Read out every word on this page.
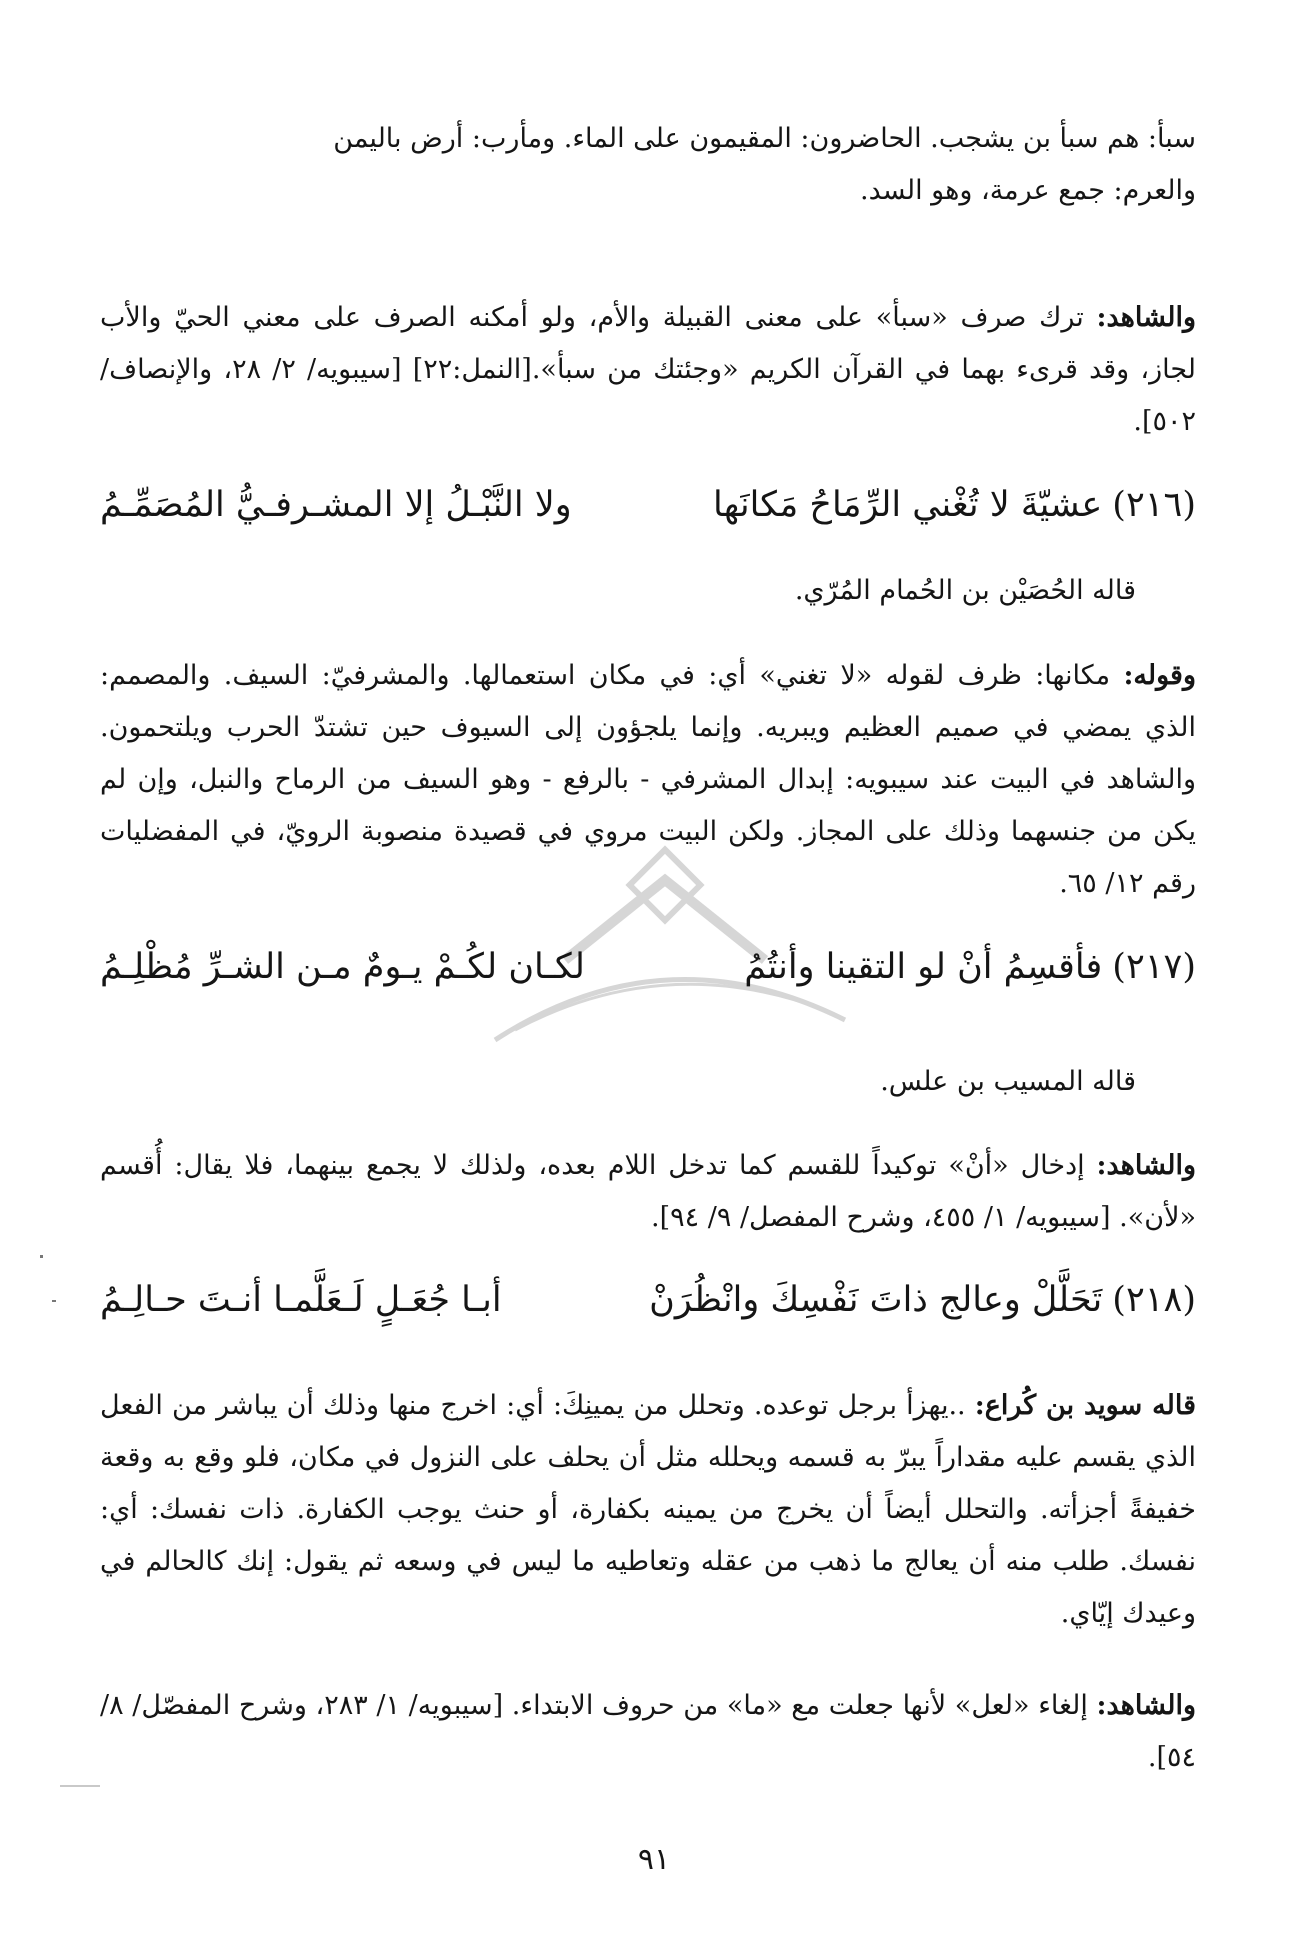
سبأ: هم سبأ بن يشجب. الحاضرون: المقيمون على الماء. ومأرب: أرض باليمن

والعرم: جمع عرمة، وهو السد.

والشاهد: ترك صرف «سبأ» على معنى القبيلة والأم، ولو أمكنه الصرف على معني الحيّ والأب لجاز، وقد قرىء بهما في القرآن الكريم «وجئتك من سبأ».[النمل:٢٢] [سيبويه/ ٢/ ٢٨، والإنصاف/ ٥٠٢].

(٢١٦)
عشيّةَ لا تُغْني الرِّمَاحُ مَكانَها
ولا النَّبْـلُ إلا المشـرفـيُّ المُصَمِّـمُ
قاله الحُصَيْن بن الحُمام المُرّي.

وقوله: مكانها: ظرف لقوله «لا تغني» أي: في مكان استعمالها. والمشرفيّ: السيف. والمصمم: الذي يمضي في صميم العظيم ويبريه. وإنما يلجؤون إلى السيوف حين تشتدّ الحرب ويلتحمون. والشاهد في البيت عند سيبويه: إبدال المشرفي - بالرفع - وهو السيف من الرماح والنبل، وإن لم يكن من جنسهما وذلك على المجاز. ولكن البيت مروي في قصيدة منصوبة الرويّ، في المفضليات رقم ١٢/ ٦٥.

(٢١٧)
فأقسِمُ أنْ لو التقينا وأنتُمُ
لكـان لكُـمْ يـومٌ مـن الشـرِّ مُظْلِـمُ
قاله المسيب بن علس.

والشاهد: إدخال «أنْ» توكيداً للقسم كما تدخل اللام بعده، ولذلك لا يجمع بينهما، فلا يقال: أُقسم «لأن». [سيبويه/ ١/ ٤٥٥، وشرح المفصل/ ٩/ ٩٤].

(٢١٨)
تَحَلَّلْ وعالج ذاتَ نَفْسِكَ وانْظُرَنْ
أبـا جُعَـلٍ لَـعَلَّمـا أنـتَ حـالِـمُ

قاله سويد بن كُراع: ..يهزأ برجل توعده. وتحلل من يمينِكَ: أي: اخرج منها وذلك أن يباشر من الفعل الذي يقسم عليه مقداراً يبرّ به قسمه ويحلله مثل أن يحلف على النزول في مكان، فلو وقع به وقعة خفيفةً أجزأته. والتحلل أيضاً أن يخرج من يمينه بكفارة، أو حنث يوجب الكفارة. ذات نفسك: أي: نفسك. طلب منه أن يعالج ما ذهب من عقله وتعاطيه ما ليس في وسعه ثم يقول: إنك كالحالم في وعيدك إيّاي.

والشاهد: إلغاء «لعل» لأنها جعلت مع «ما» من حروف الابتداء. [سيبويه/ ١/ ٢٨٣، وشرح المفصّل/ ٨/ ٥٤].

٩١
